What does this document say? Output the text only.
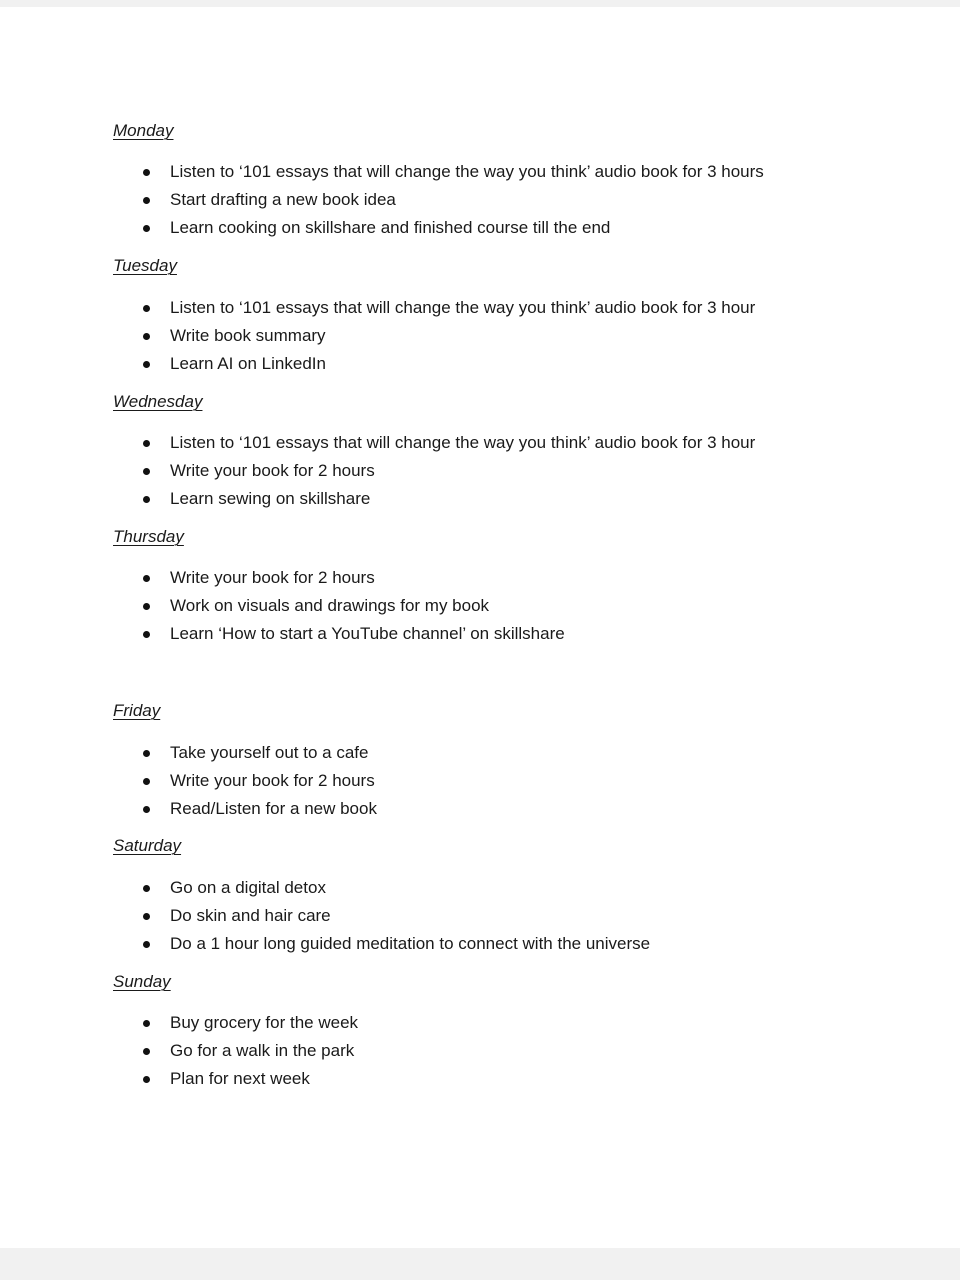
Monday
Listen to ‘101 essays that will change the way you think’ audio book for 3 hours
Start drafting a new book idea
Learn cooking on skillshare and finished course till the end
Tuesday
Listen to ‘101 essays that will change the way you think’ audio book for 3 hour
Write book summary
Learn AI on LinkedIn
Wednesday
Listen to ‘101 essays that will change the way you think’ audio book for 3 hour
Write your book for 2 hours
Learn sewing on skillshare
Thursday
Write your book for 2 hours
Work on visuals and drawings for my book
Learn ‘How to start a YouTube channel’ on skillshare
Friday
Take yourself out to a cafe
Write your book for 2 hours
Read/Listen for a new book
Saturday
Go on a digital detox
Do skin and hair care
Do a 1 hour long guided meditation to connect with the universe
Sunday
Buy grocery for the week
Go for a walk in the park
Plan for next week
